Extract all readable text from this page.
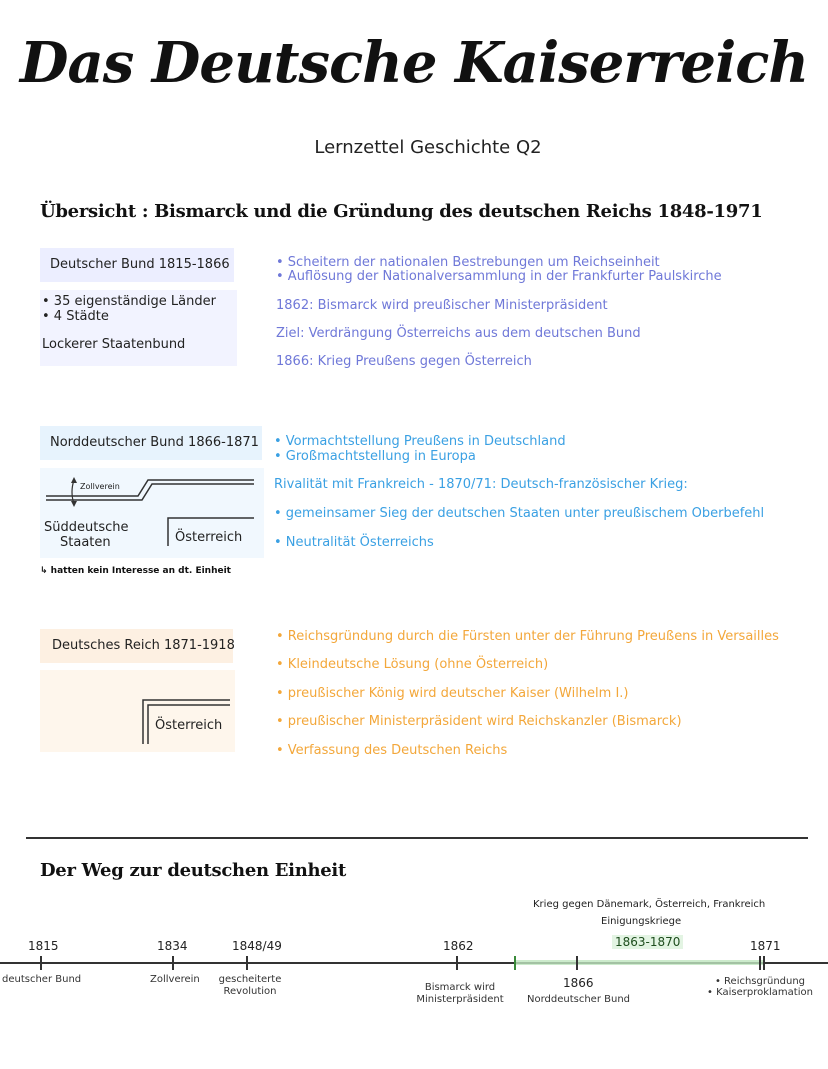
Das Deutsche Kaiserreich
Lernzettel Geschichte Q2
Übersicht : Bismarck und die Gründung des deutschen Reichs 1848-1971
Deutscher Bund 1815-1866
• 35 eigenständige Länder
• 4 Städte
Lockerer Staatenbund
• Scheitern der nationalen Bestrebungen um Reichseinheit
• Auflösung der Nationalversammlung in der Frankfurter Paulskirche
1862: Bismarck wird preußischer Ministerpräsident
Ziel: Verdrängung Österreichs aus dem deutschen Bund
1866: Krieg Preußens gegen Österreich
Norddeutscher Bund 1866-1871
Zollverein
Süddeutsche
Staaten	Österreich
↳ hatten kein Interesse an dt. Einheit
• Vormachtstellung Preußens in Deutschland
• Großmachtstellung in Europa
Rivalität mit Frankreich - 1870/71: Deutsch-französischer Krieg:
• gemeinsamer Sieg der deutschen Staaten unter preußischem Oberbefehl
• Neutralität Österreichs
Deutsches Reich 1871-1918
Österreich
• Reichsgründung durch die Fürsten unter der Führung Preußens in Versailles
• Kleindeutsche Lösung (ohne Österreich)
• preußischer König wird deutscher Kaiser (Wilhelm I.)
• preußischer Ministerpräsident wird Reichskanzler (Bismarck)
• Verfassung des Deutschen Reichs
Der Weg zur deutschen Einheit
Krieg gegen Dänemark, Österreich, Frankreich
Einigungskriege
1863-1870
1815
deutscher Bund
1834
Zollverein
1848/49
gescheiterte
Revolution
1862
Bismarck wird
Ministerpräsident
1866
Norddeutscher Bund
1871
• Reichsgründung
• Kaiserproklamation
